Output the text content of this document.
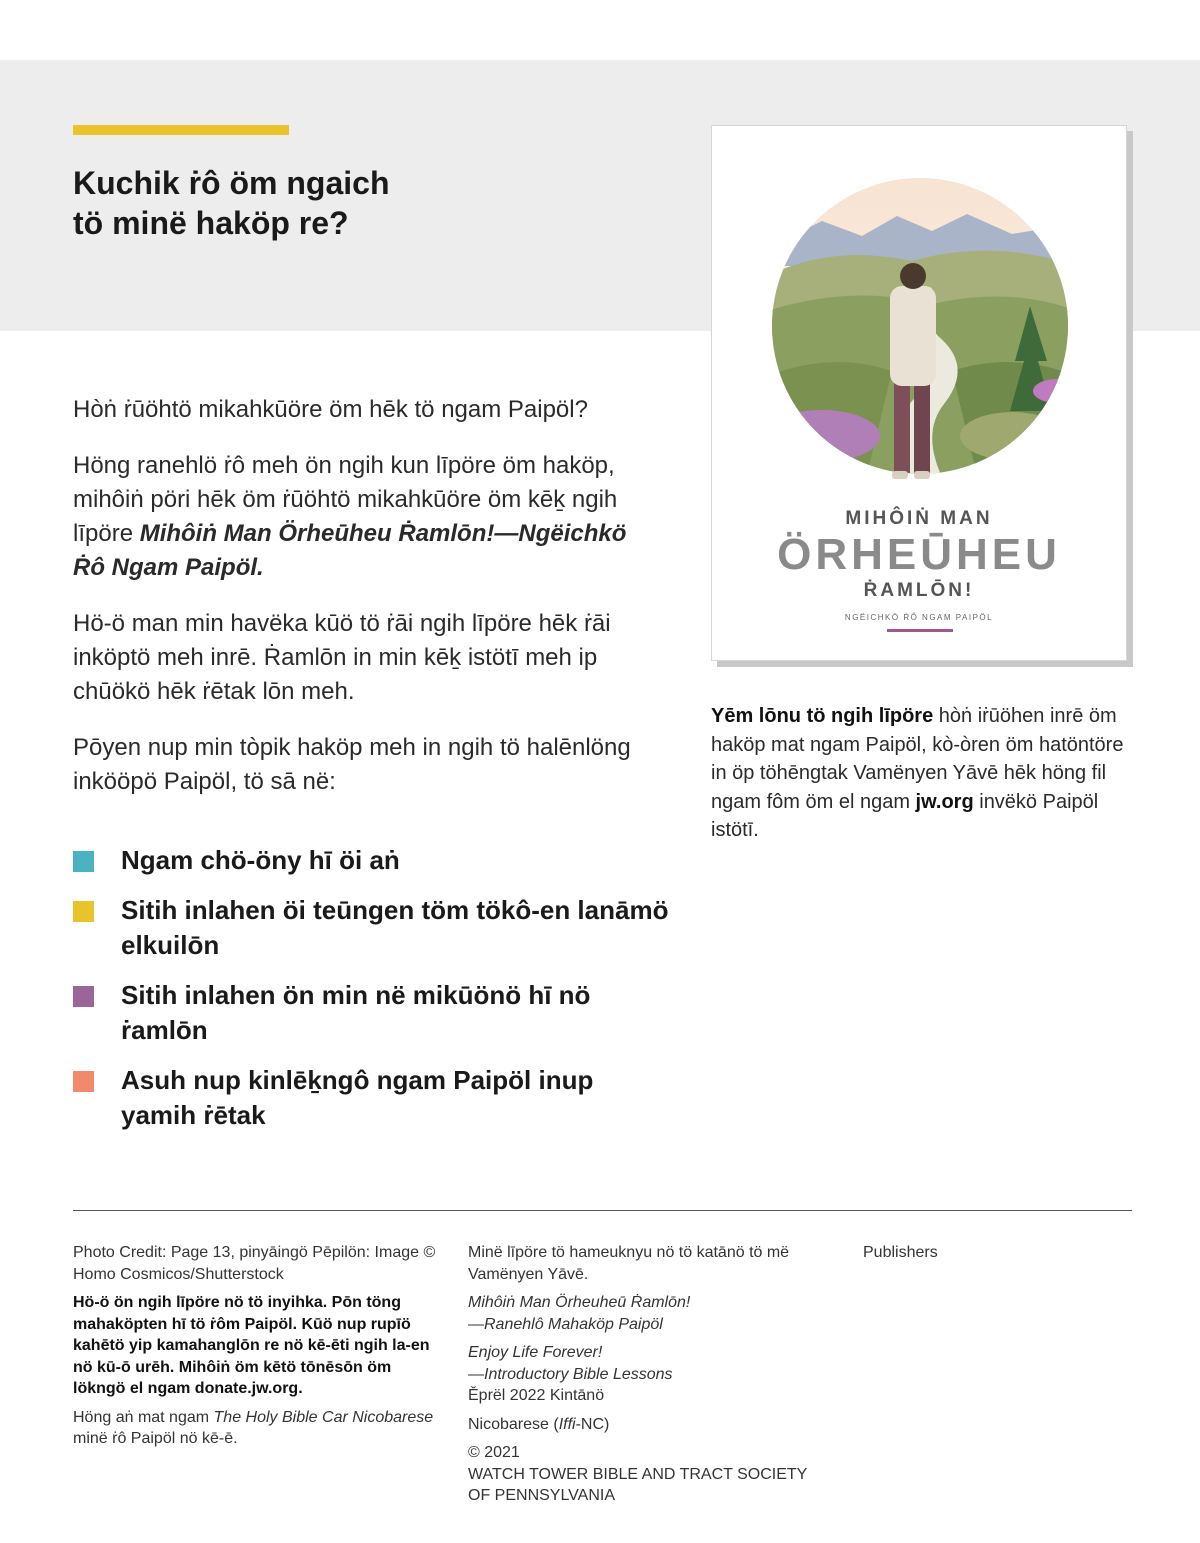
Kuchik ṙô öm ngaich
tö minë haköp re?

Hòṅ ṙūöhtö mikahkūöre öm hēk tö ngam Paipöl?

Höng ranehlö ṙô meh ön ngih kun līpöre öm haköp, mihôiṅ pöri hēk öm ṙūöhtö mikahkūöre öm kēḵ ngih līpöre Mihôiṅ Man Örheūheu Ṙamlōn!—Ngëichkö Ṙô Ngam Paipöl.

Hö-ö man min havëka kūö tö ṙāi ngih līpöre hēk ṙāi inköptö meh inrē. Ṙamlōn in min kēḵ istötī meh ip chūökö hēk ṙētak lōn meh.

Pōyen nup min tòpik haköp meh in ngih tö halēnlöng inkööpö Paipöl, tö sā në:

Ngam chö-öny hī öi aṅ
Sitih inlahen öi teūngen töm tökô-en lanāmö elkuilōn
Sitih inlahen ön min në mikūönö hī nö ṙamlōn
Asuh nup kinlēḵngô ngam Paipöl inup yamih ṙētak
MIHÔIṄ MAN
ÖRHEŪHEU
ṘAMLŌN!
NGËICHKÖ ṘÔ NGAM PAIPÖL

Yēm lōnu tö ngih līpöre hòṅ iṙūöhen inrē öm haköp mat ngam Paipöl, kò-òren öm hatöntöre in öp töhēngtak Vamënyen Yāvē hēk höng fil ngam fôm öm el ngam jw.org invëkö Paipöl istötī.

Photo Credit: Page 13, pinyāingö Pēpilön: Image © Homo Cosmicos/Shutterstock

Hö-ö ön ngih līpöre nö tö inyihka. Pōn töng mahaköpten hī tö ṙôm Paipöl. Kūö nup rupīö kahētö yip kamahanglōn re nö kē-ēti ngih la-en nö kū-ō urēh. Mihôiṅ öm kētö tōnēsōn öm lökngö el ngam donate.jw.org.

Höng aṅ mat ngam The Holy Bible Car Nicobarese minë ṙô Paipöl nö kē-ē.

Minë līpöre tö hameuknyu nö tö katānö tö më Vamënyen Yāvē.

Mihôiṅ Man Örheuheū Ṙamlōn!
—Ranehlô Mahaköp Paipöl

Enjoy Life Forever!
—Introductory Bible Lessons
Ěprël 2022 Kintānö

Nicobarese (Iffi-NC)

© 2021
WATCH TOWER BIBLE AND TRACT SOCIETY
OF PENNSYLVANIA

Publishers
